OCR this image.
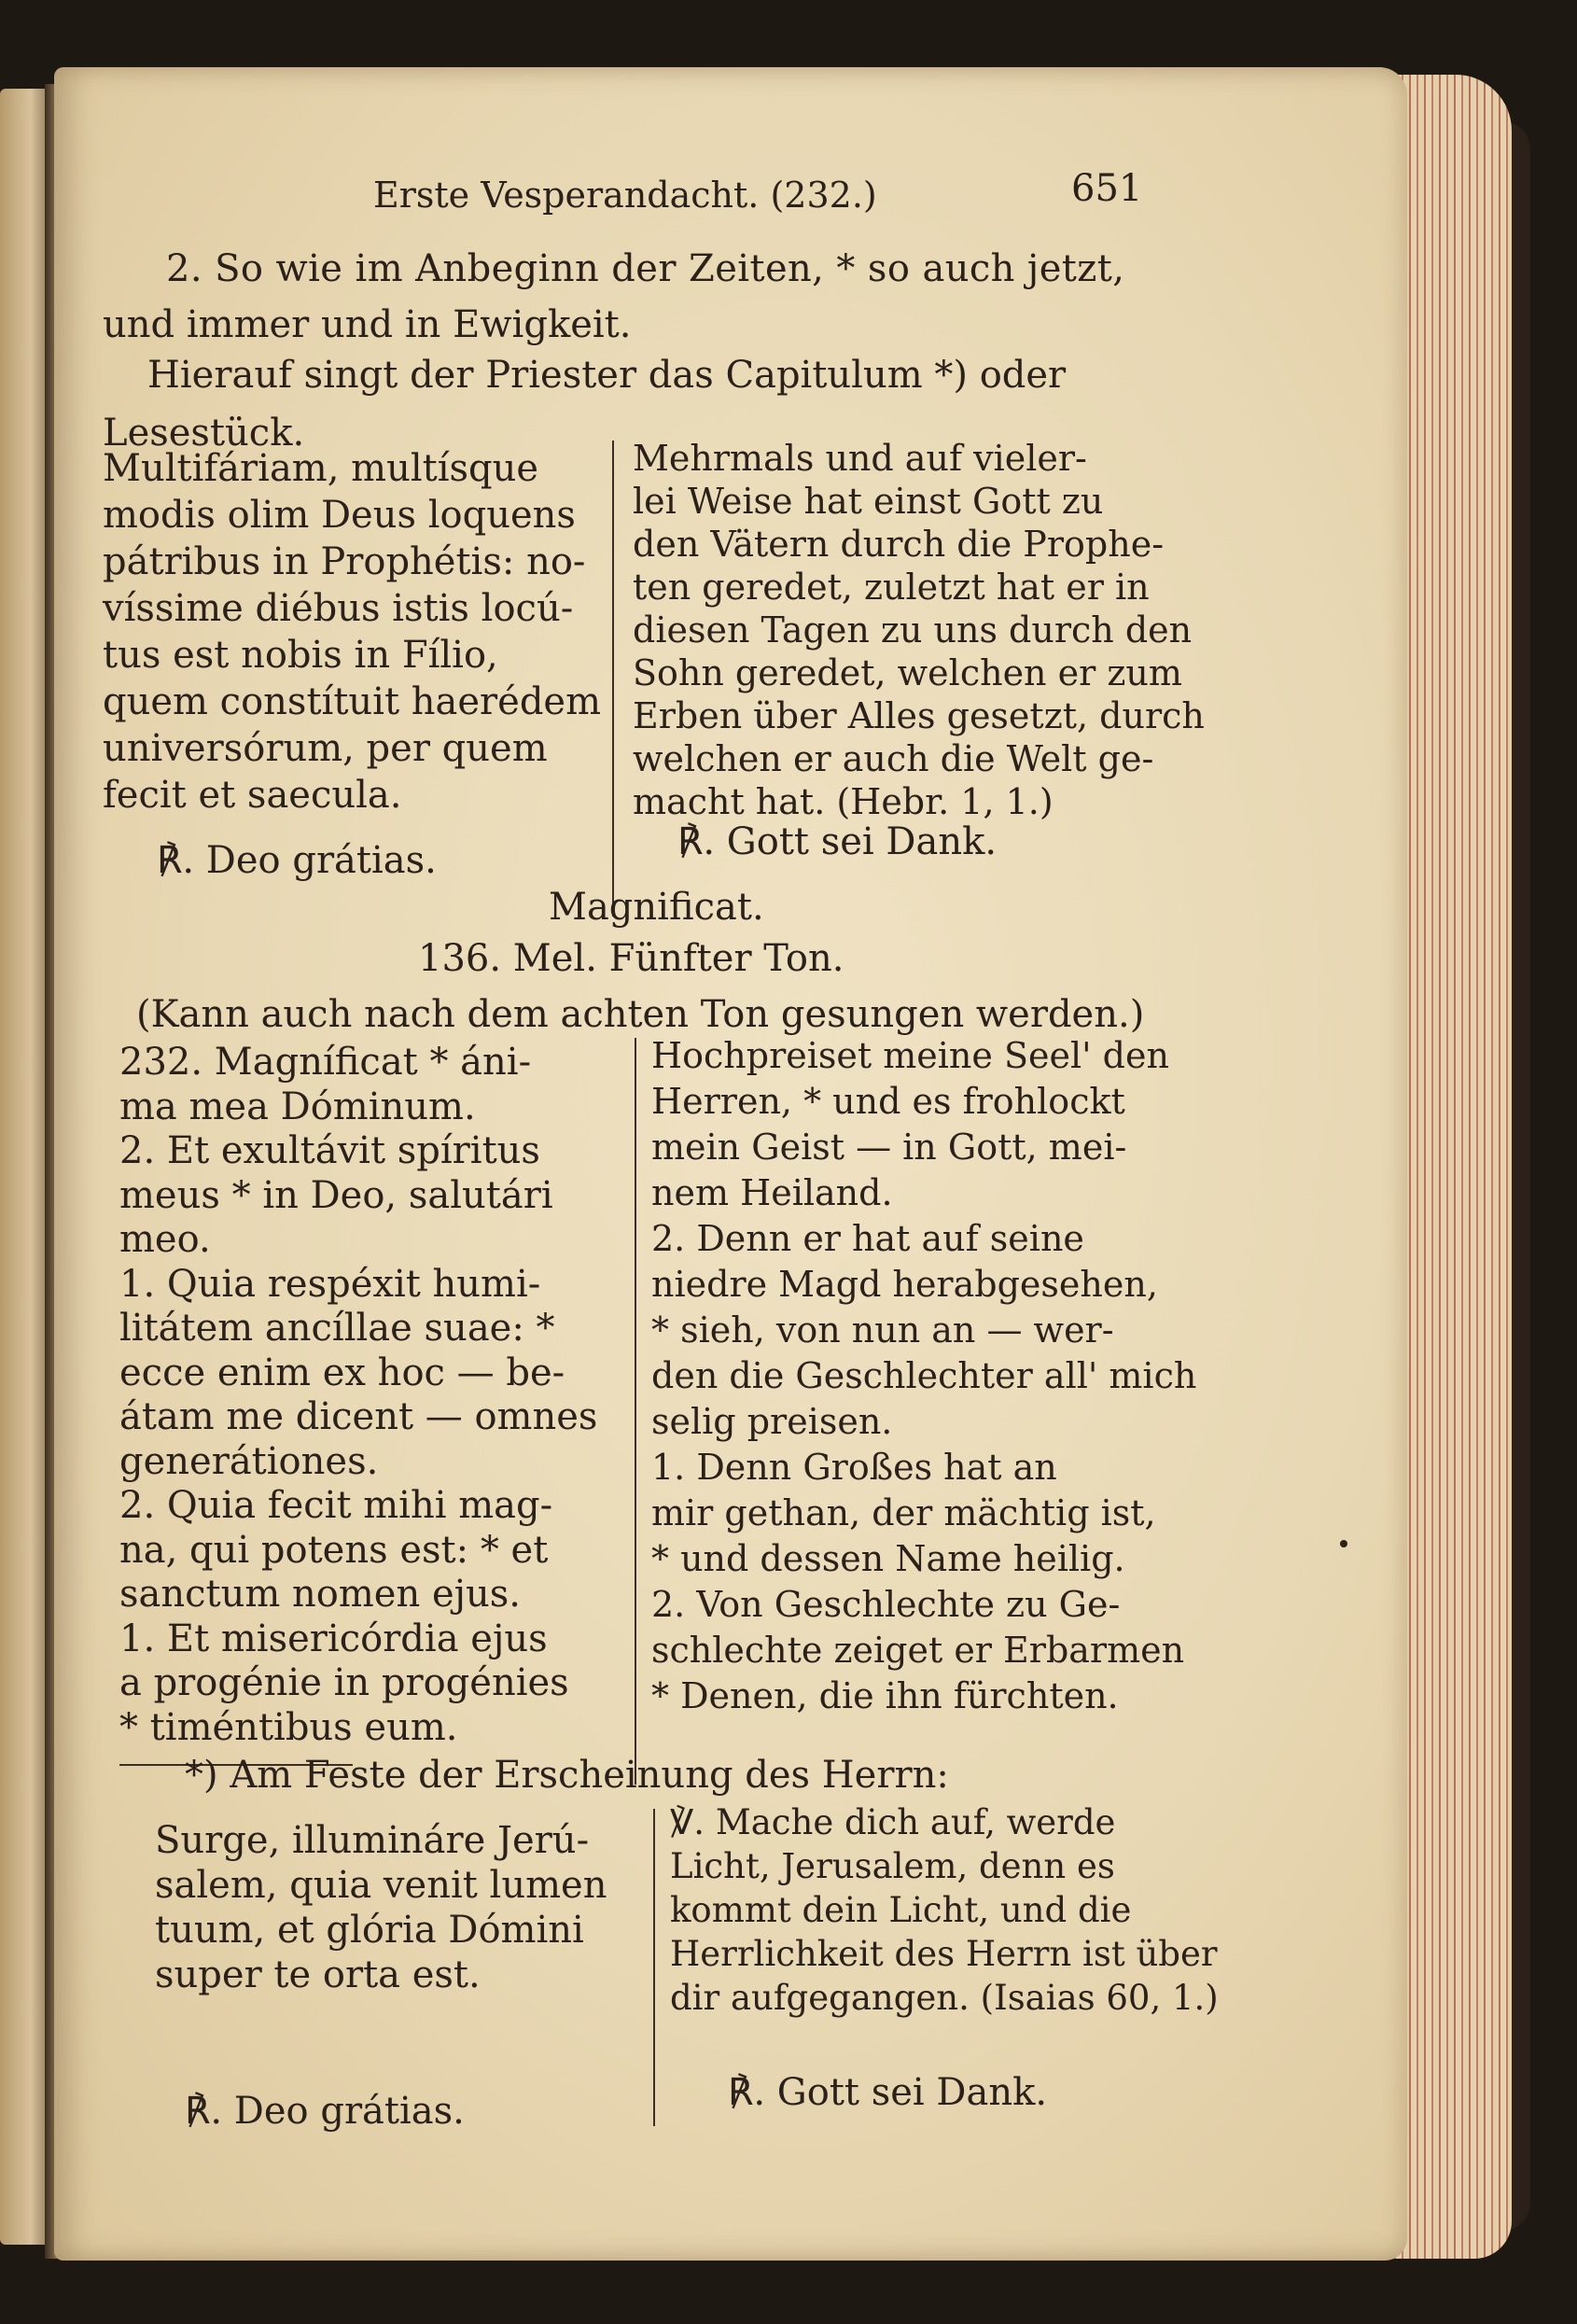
Erste Vesperandacht. (232.)	651
2. So wie im Anbeginn der Zeiten, * so auch jetzt,
und immer und in Ewigkeit.
Hierauf singt der Priester das Capitulum *) oder
Lesestück.
Multifáriam, multísque
modis olim Deus loquens
pátribus in Prophétis: no-
víssime diébus istis locú-
tus est nobis in Fílio,
quem constítuit haerédem
universórum, per quem
fecit et saecula.
℟. Deo grátias.
Mehrmals und auf vieler-
lei Weise hat einst Gott zu
den Vätern durch die Prophe-
ten geredet, zuletzt hat er in
diesen Tagen zu uns durch den
Sohn geredet, welchen er zum
Erben über Alles gesetzt, durch
welchen er auch die Welt ge-
macht hat. (Hebr. 1, 1.)
℟. Gott sei Dank.
Magnificat.
136. Mel. Fünfter Ton.
(Kann auch nach dem achten Ton gesungen werden.)
232. Magníficat * áni-
ma mea Dóminum.
2. Et exultávit spíritus
meus * in Deo, salutári
meo.
1. Quia respéxit humi-
litátem ancíllae suae: *
ecce enim ex hoc — be-
átam me dicent — omnes
generátiones.
2. Quia fecit mihi mag-
na, qui potens est: * et
sanctum nomen ejus.
1. Et misericórdia ejus
a progénie in progénies
* timéntibus eum.
Hochpreiset meine Seel' den
Herren, * und es frohlockt
mein Geist — in Gott, mei-
nem Heiland.
2. Denn er hat auf seine
niedre Magd herabgesehen,
* sieh, von nun an — wer-
den die Geschlechter all' mich
selig preisen.
1. Denn Großes hat an
mir gethan, der mächtig ist,
* und dessen Name heilig.
2. Von Geschlechte zu Ge-
schlechte zeiget er Erbarmen
* Denen, die ihn fürchten.
*) Am Feste der Erscheinung des Herrn:
Surge, illumináre Jerú-
salem, quia venit lumen
tuum, et glória Dómini
super te orta est.
℟. Deo grátias.
℣. Mache dich auf, werde
Licht, Jerusalem, denn es
kommt dein Licht, und die
Herrlichkeit des Herrn ist über
dir aufgegangen. (Isaias 60, 1.)
℟. Gott sei Dank.
